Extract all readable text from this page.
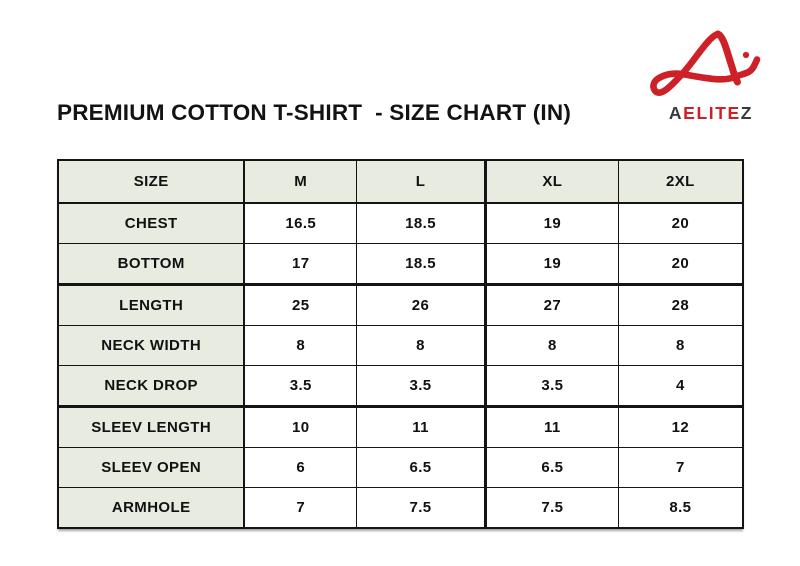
AELITEZ
PREMIUM COTTON T-SHIRT  - SIZE CHART (IN)
SIZE	M	L	XL	2XL
CHEST	16.5	18.5	19	20
BOTTOM	17	18.5	19	20
LENGTH	25	26	27	28
NECK WIDTH	8	8	8	8
NECK DROP	3.5	3.5	3.5	4
SLEEV LENGTH	10	11	11	12
SLEEV OPEN	6	6.5	6.5	7
ARMHOLE	7	7.5	7.5	8.5
